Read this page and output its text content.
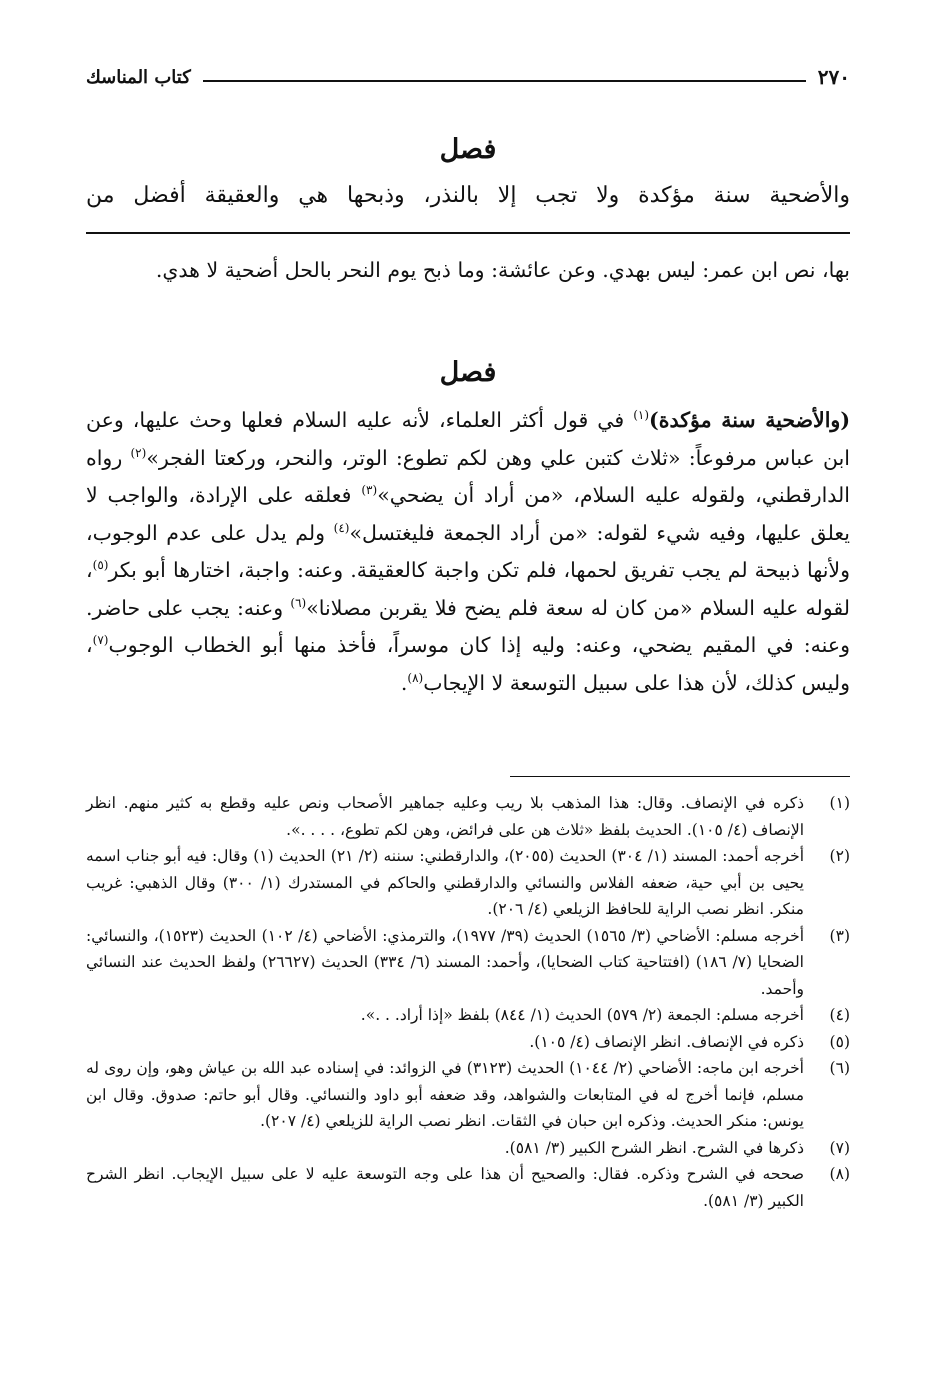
٢٧٠
كتاب المناسك
فصل

والأضحية سنة مؤكدة ولا تجب إلا بالنذر، وذبحها هي والعقيقة أفضل من

بها، نص ابن عمر: ليس بهدي. وعن عائشة: وما ذبح يوم النحر بالحل أضحية لا هدي.

فصل

(والأضحية سنة مؤكدة)$^{(١)}$ في قول أكثر العلماء، لأنه عليه السلام فعلها وحث عليها، وعن ابن عباس مرفوعاً: «ثلاث كتبن علي وهن لكم تطوع: الوتر، والنحر، وركعتا الفجر»$^{(٢)}$ رواه الدارقطني، ولقوله عليه السلام، «من أراد أن يضحي»$^{(٣)}$ فعلقه على الإرادة، والواجب لا يعلق عليها، وفيه شيء لقوله: «من أراد الجمعة فليغتسل»$^{(٤)}$ ولم يدل على عدم الوجوب، ولأنها ذبيحة لم يجب تفريق لحمها، فلم تكن واجبة كالعقيقة. وعنه: واجبة، اختارها أبو بكر$^{(٥)}$، لقوله عليه السلام «من كان له سعة فلم يضح فلا يقربن مصلانا»$^{(٦)}$ وعنه: يجب على حاضر. وعنه: في المقيم يضحي، وعنه: وليه إذا كان موسراً، فأخذ منها أبو الخطاب الوجوب$^{(٧)}$، وليس كذلك، لأن هذا على سبيل التوسعة لا الإيجاب$^{(٨)}$.

(١)
ذكره في الإنصاف. وقال: هذا المذهب بلا ريب وعليه جماهير الأصحاب ونص عليه وقطع به كثير منهم. انظر الإنصاف (٤/ ١٠٥). الحديث بلفظ «ثلاث هن على فرائض، وهن لكم تطوع، . . . .».
(٢)
أخرجه أحمد: المسند (١/ ٣٠٤) الحديث (٢٠٥٥)، والدارقطني: سننه (٢/ ٢١) الحديث (١) وقال: فيه أبو جناب اسمه يحيى بن أبي حية، ضعفه الفلاس والنسائي والدارقطني والحاكم في المستدرك (١/ ٣٠٠) وقال الذهبي: غريب منكر. انظر نصب الراية للحافظ الزيلعي (٤/ ٢٠٦).
(٣)
أخرجه مسلم: الأضاحي (٣/ ١٥٦٥) الحديث (٣٩/ ١٩٧٧)، والترمذي: الأضاحي (٤/ ١٠٢) الحديث (١٥٢٣)، والنسائي: الضحايا (٧/ ١٨٦) (افتتاحية كتاب الضحايا)، وأحمد: المسند (٦/ ٣٣٤) الحديث (٢٦٦٢٧) ولفظ الحديث عند النسائي وأحمد.
(٤)
أخرجه مسلم: الجمعة (٢/ ٥٧٩) الحديث (١/ ٨٤٤) بلفظ «إذا أراد. . .».
(٥)
ذكره في الإنصاف. انظر الإنصاف (٤/ ١٠٥).
(٦)
أخرجه ابن ماجه: الأضاحي (٢/ ١٠٤٤) الحديث (٣١٢٣) في الزوائد: في إسناده عبد الله بن عياش وهو، وإن روى له مسلم، فإنما أخرج له في المتابعات والشواهد، وقد ضعفه أبو داود والنسائي. وقال أبو حاتم: صدوق. وقال ابن يونس: منكر الحديث. وذكره ابن حبان في الثقات. انظر نصب الراية للزيلعي (٤/ ٢٠٧).
(٧)
ذكرها في الشرح. انظر الشرح الكبير (٣/ ٥٨١).
(٨)
صححه في الشرح وذكره. فقال: والصحيح أن هذا على وجه التوسعة عليه لا على سبيل الإيجاب. انظر الشرح الكبير (٣/ ٥٨١).
